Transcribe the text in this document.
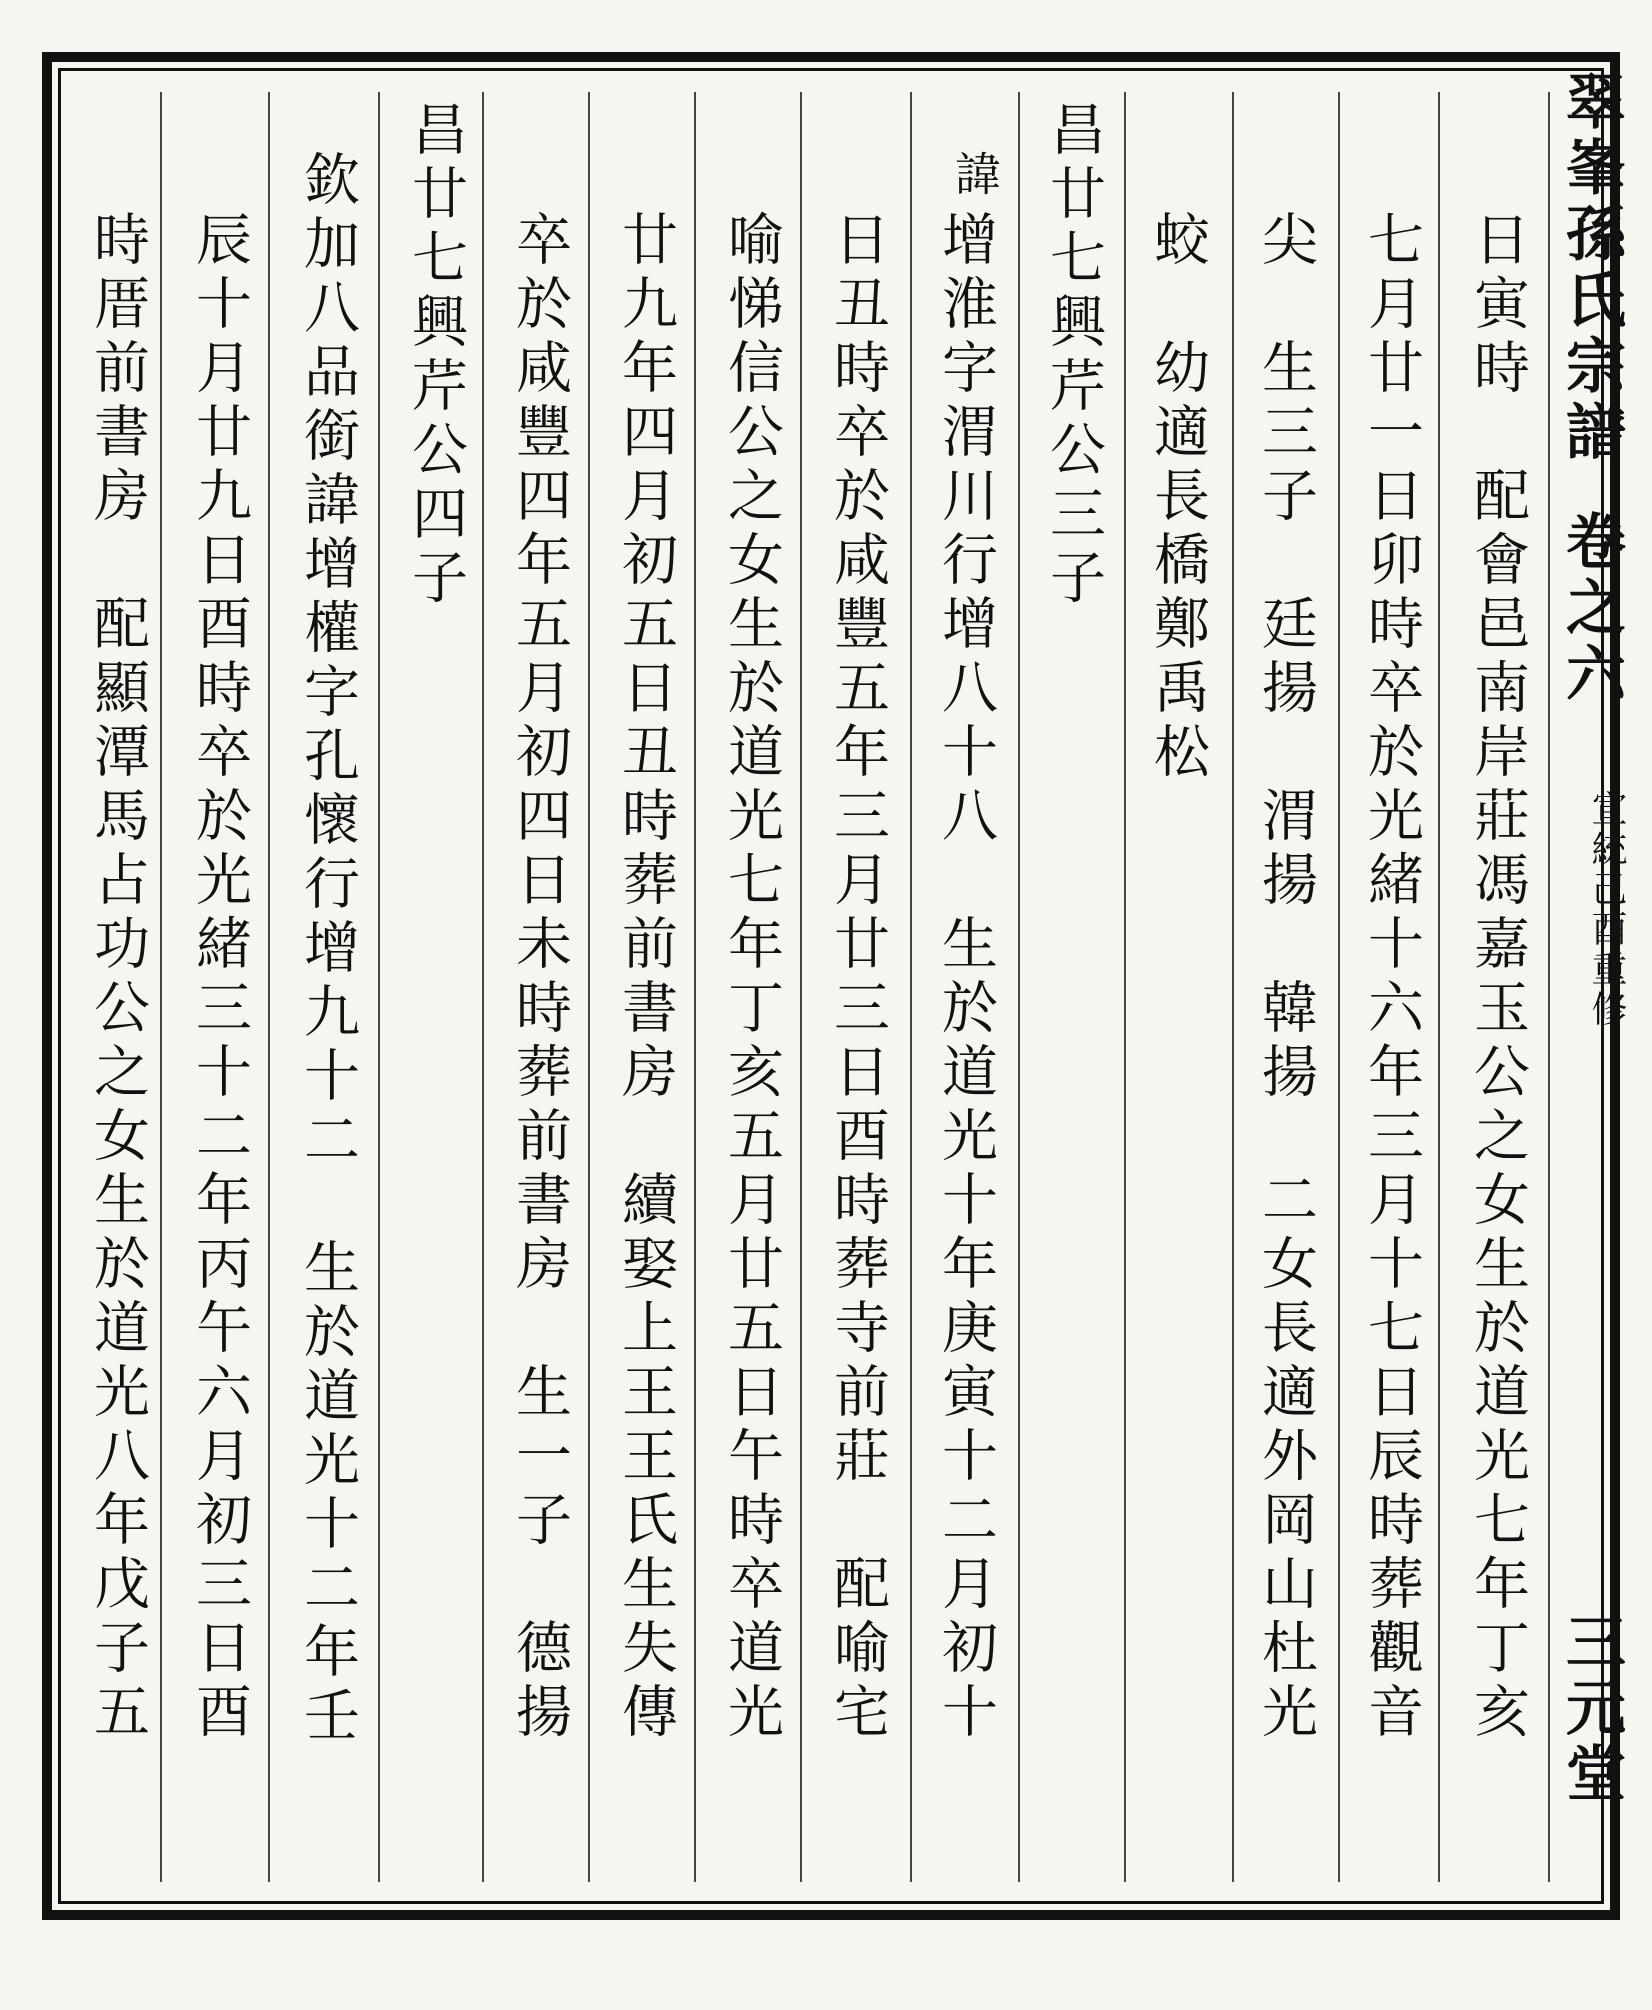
翠峯孫氏宗譜
卷之六
宣統己酉重修
三元堂
日寅時　配會邑南岸莊馮嘉玉公之女生於道光七年丁亥
七月廿一日卯時卒於光緒十六年三月十七日辰時葬觀音
尖　生三子　廷揚　渭揚　韓揚　二女長適外岡山杜光
蛟　幼適長橋鄭禹松
昌廿七興芹公三子
諱
增淮字渭川行增八十八　生於道光十年庚寅十二月初十
日丑時卒於咸豐五年三月廿三日酉時葬寺前莊　配喻宅
喻悌信公之女生於道光七年丁亥五月廿五日午時卒道光
廿九年四月初五日丑時葬前書房　續娶上王王氏生失傳
卒於咸豐四年五月初四日未時葬前書房　生一子　德揚
昌廿七興芹公四子
欽加八品銜諱增權字孔懷行增九十二　生於道光十二年壬
辰十月廿九日酉時卒於光緒三十二年丙午六月初三日酉
時厝前書房　配顯潭馬占功公之女生於道光八年戊子五
